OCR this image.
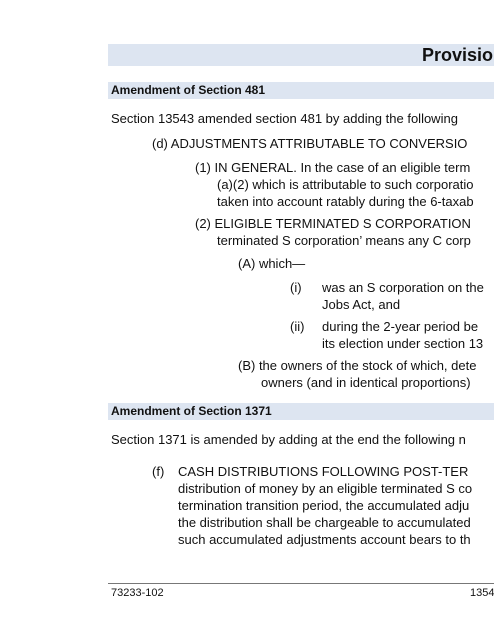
Provisio
Amendment of Section 481
Section 13543 amended section 481 by adding the following
(d) ADJUSTMENTS ATTRIBUTABLE TO CONVERSIO
(1) IN GENERAL. In the case of an eligible term
(a)(2) which is attributable to such corporatio
taken into account ratably during the 6-taxab
(2) ELIGIBLE TERMINATED S CORPORATION
terminated S corporation’ means any C corp
(A) which—
(i) was an S corporation on the
Jobs Act, and
(ii) during the 2-year period be
its election under section 13
(B) the owners of the stock of which, dete
owners (and in identical proportions)
Amendment of Section 1371
Section 1371 is amended by adding at the end the following n
(f) CASH DISTRIBUTIONS FOLLOWING POST-TER
distribution of money by an eligible terminated S co
termination transition period, the accumulated adju
the distribution shall be chargeable to accumulated
such accumulated adjustments account bears to th
73233-102	1354
